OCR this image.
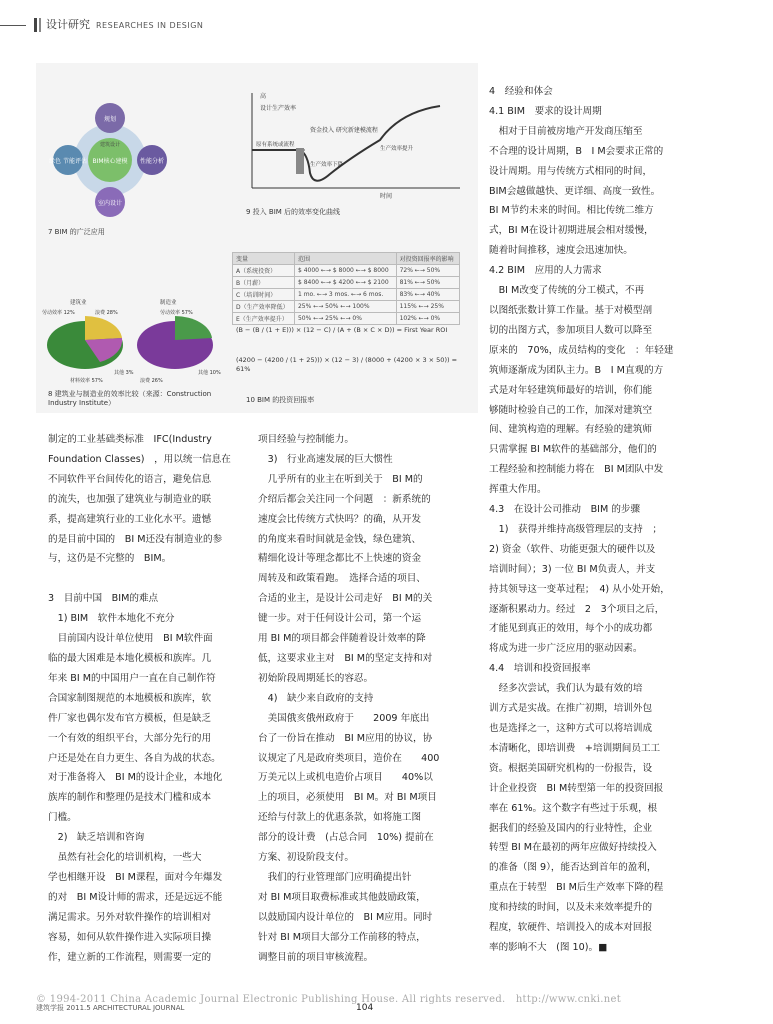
设计研究 RESEARCHES IN DESIGN
规划
BIM核心建模 性能分析
室内设计
绿色 节能评估
建筑设计
7 BIM 的广泛应用
高
设计生产效率
资金投入 研究新建模流程
原有系统或流程
生产效率下降
生产效率提升
时间
9 投入 BIM 后的效率变化曲线
建筑业
劳动效率 12%	浪费 28%
材料效率 57%
其他 3%
制造业
劳动效率 57%
浪费 26%
其他 10%
8 建筑业与制造业的效率比较（来源：Construction Industry Institute）
变量	范围	对投资回报率的影响
A（系统投资）	$ 4000 ←→ $ 8000 ←→ $ 8000	72% ←→ 50%
B（月薪）	$ 8400 ←→ $ 4200 ←→ $ 2100	81% ←→ 50%
C（培训时间）	1 mo. ←→ 3 mos. ←→ 6 mos.	83% ←→ 40%
D（生产效率降低）	25% ←→ 50% ←→ 100%	115% ←→ 25%
E（生产效率提升）	50% ←→ 25% ←→ 0%	102% ←→ 0%
(B − (B / (1 + E))) × (12 − C) / (A + (B × C × D)) = First Year ROI
(4200 − (4200 / (1 + 25))) × (12 − 3) / (8000 + (4200 × 3 × 50)) = 61%
10 BIM 的投资回报率

制定的工业基础类标准　IFC(Industry

Foundation Classes)　，用以统一信息在

不同软件平台间传化的语言，避免信息

的流失，也加强了建筑业与制造业的联

系，提高建筑行业的工业化水平。遗憾

的是目前中国的　BI M还没有制造业的参

与，这仍是不完整的　BIM。

3　目前中国　BIM的难点

　1) BIM　软件本地化不充分

　目前国内设计单位使用　BI M软件面

临的最大困难是本地化模板和族库。几

年来 BI M的中国用户一直在自己制作符

合国家制图规范的本地模板和族库，软

件厂家也偶尔发布官方模板，但是缺乏

一个有效的组织平台，大部分先行的用

户还是处在自力更生、各自为战的状态。

对于准备将入　BI M的设计企业，本地化

族库的制作和整理仍是技术门槛和成本

门槛。

　2)　缺乏培训和咨询

　虽然有社会化的培训机构，一些大

学也相继开设　BI M课程，面对今年爆发

的对　BI M设计师的需求，还是远远不能

满足需求。另外对软件操作的培训相对

容易，如何从软件操作进入实际项目操

作，建立新的工作流程，则需要一定的

项目经验与控制能力。

　3)　行业高速发展的巨大惯性

　几乎所有的业主在听到关于　BI M的

介绍后都会关注同一个问题　：新系统的

速度会比传统方式快吗？的确，从开发

的角度来看时间就是金钱，绿色建筑、

精细化设计等理念都比不上快速的资金

周转及和政策看跑。　选择合适的项目、

合适的业主，是设计公司走好　BI M的关

键一步。对于任何设计公司，第一个运

用 BI M的项目都会伴随着设计效率的降

低，这要求业主对　BI M的坚定支持和对

初始阶段周期延长的容忍。

　4)　缺少来自政府的支持

　美国俄亥俄州政府于　　2009 年底出

台了一份旨在推动　BI M应用的协议，协

议规定了凡是政府类项目，造价在　　400

万美元以上或机电造价占项目　　40%以

上的项目，必须使用　BI M。对 BI M项目

还给与付款上的优惠条款，如将施工图

部分的设计费　(占总合同　10%) 提前在

方案、初设阶段支付。

　我们的行业管理部门应明确提出针

对 BI M项目取费标准或其他鼓励政策，

以鼓励国内设计单位的　BI M应用。同时

针对 BI M项目大部分工作前移的特点，

调整目前的项目审核流程。

4　经验和体会

4.1 BIM　要求的设计周期

　相对于目前被房地产开发商压缩至

不合理的设计周期，B　I M会要求正常的

设计周期。用与传统方式相同的时间，

BIM会越做越快、更详细、高度一致性。

BI M节约未来的时间。相比传统二维方

式，BI M在设计初期进展会相对缓慢，

随着时间推移，速度会迅速加快。

4.2 BIM　应用的人力需求

　BI M改变了传统的分工模式，不再

以图纸张数计算工作量。基于对模型剖

切的出图方式，参加项目人数可以降至

原来的　70%，成员结构的变化　：年轻建

筑师逐渐成为团队主力。B　I M直观的方

式是对年轻建筑师最好的培训，你们能

够随时检验自己的工作，加深对建筑空

间、建筑构造的理解。有经验的建筑师

只需掌握 BI M软件的基础部分，他们的

工程经验和控制能力将在　BI M团队中发

挥重大作用。

4.3　在设计公司推动　BIM 的步骤

　1)　获得并维持高级管理层的支持　；

2) 资金（软件、功能更强大的硬件以及

培训时间）；3) 一位 BI M负责人，并支

持其领导这一变革过程；　4) 从小处开始，

逐渐积累动力。经过　2　3个项目之后，

才能见到真正的效用，每个小的成功都

将成为进一步广泛应用的驱动因素。

4.4　培训和投资回报率

　经多次尝试，我们认为最有效的培

训方式是实战。在推广初期，培训外包

也是选择之一，这种方式可以将培训成

本清晰化，即培训费　+培训期间员工工

资。根据美国研究机构的一份报告，设

计企业投资　BI M转型第一年的投资回报

率在 61%。这个数字有些过于乐观，根

据我们的经验及国内的行业特性，企业

转型 BI M在最初的两年应做好持续投入

的准备（图 9），能否达到首年的盈利，

重点在于转型　BI M后生产效率下降的程

度和持续的时间，以及未来效率提升的

程度，软硬件、培训投入的成本对回报

率的影响不大　(图 10)。■

© 1994-2011 China Academic Journal Electronic Publishing House. All rights reserved.　http://www.cnki.net
建筑学报 2011.5 ARCHITECTURAL JOURNAL	104
